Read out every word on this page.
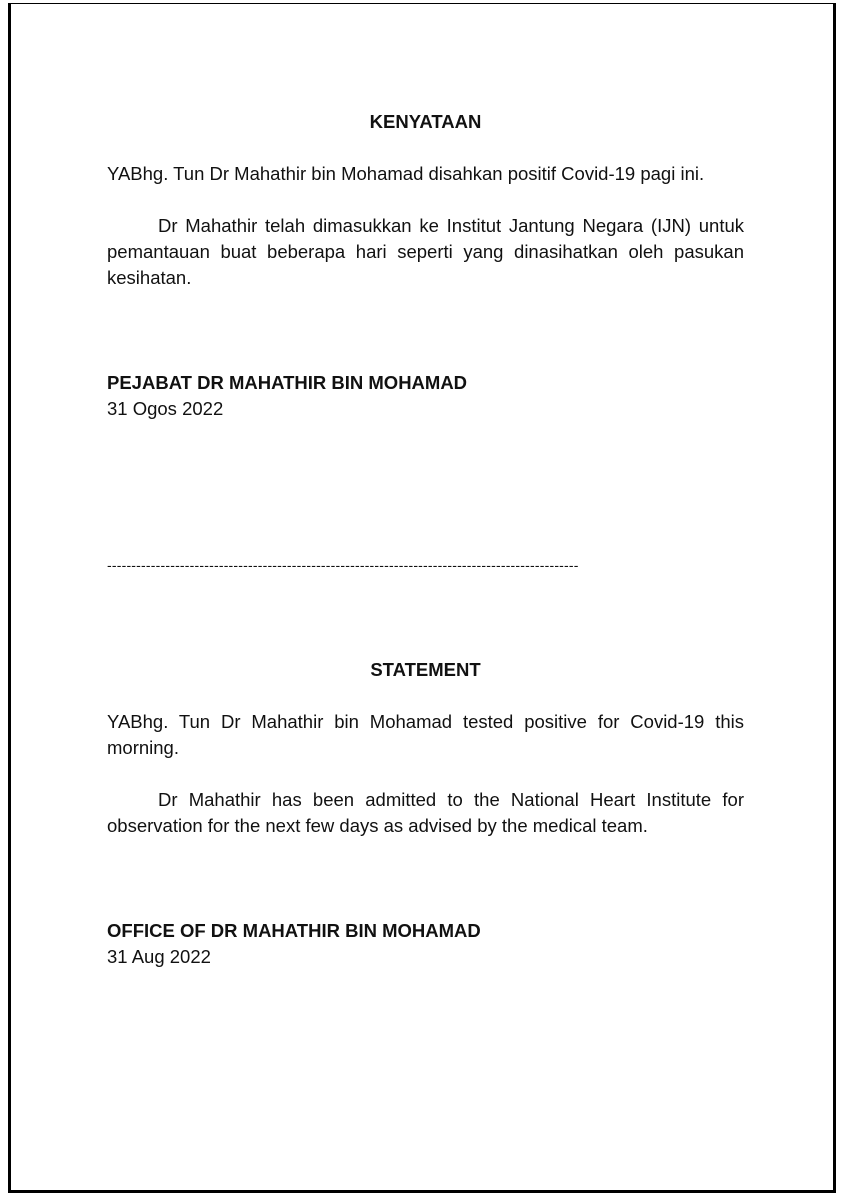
KENYATAAN

YABhg. Tun Dr Mahathir bin Mohamad disahkan positif Covid-19 pagi ini.

Dr Mahathir telah dimasukkan ke Institut Jantung Negara (IJN) untuk pemantauan buat beberapa hari seperti yang dinasihatkan oleh pasukan kesihatan.

PEJABAT DR MAHATHIR BIN MOHAMAD

31 Ogos 2022

-------------------------------------------------------------------------------------------------

STATEMENT

YABhg. Tun Dr Mahathir bin Mohamad tested positive for Covid-19 this morning.

Dr Mahathir has been admitted to the National Heart Institute for observation for the next few days as advised by the medical team.

OFFICE OF DR MAHATHIR BIN MOHAMAD

31 Aug 2022
